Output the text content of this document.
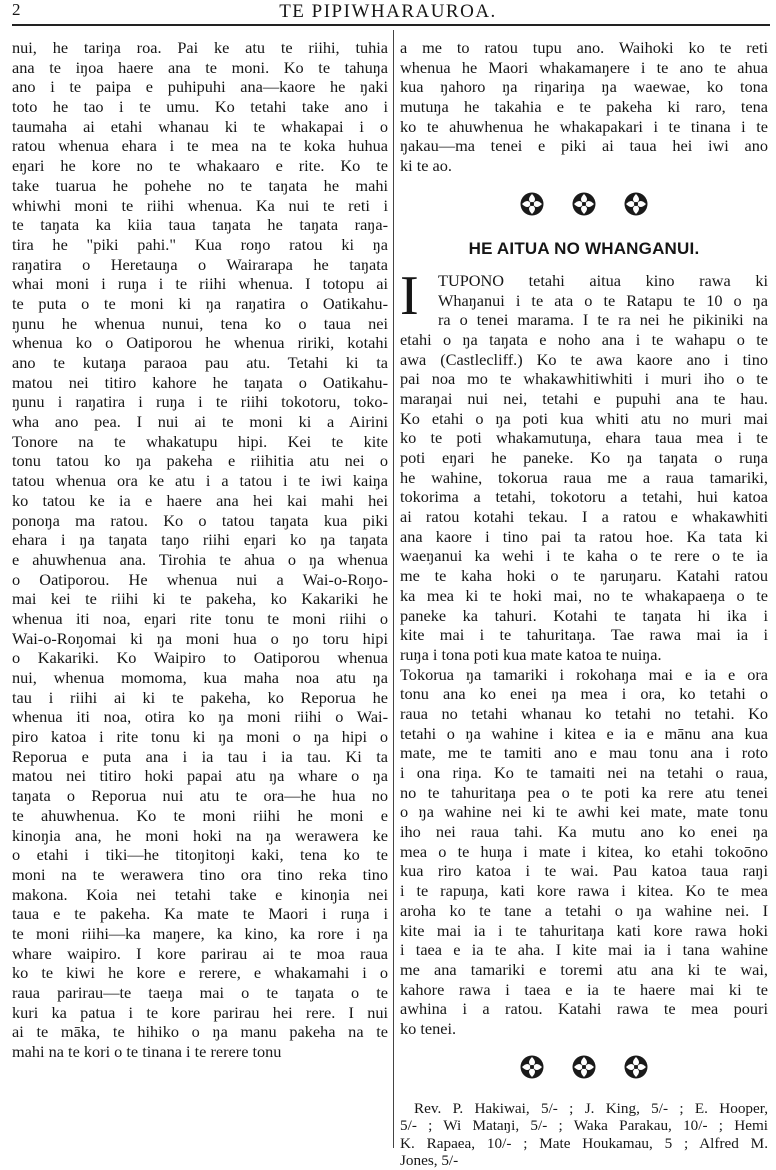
2	TE PIPIWHARAUROA.
nui, he tariŋa roa. Pai ke atu te riihi, tuhia
ana te iŋoa haere ana te moni. Ko te tahuŋa
ano i te paipa e puhipuhi ana—kaore he ŋaki
toto he tao i te umu. Ko tetahi take ano i
taumaha ai etahi whanau ki te whakapai i o
ratou whenua ehara i te mea na te koka huhua
eŋari he kore no te whakaaro e rite. Ko te
take tuarua he pohehe no te taŋata he mahi
whiwhi moni te riihi whenua. Ka nui te reti i
te taŋata ka kiia taua taŋata he taŋata raŋa-
tira he "piki pahi." Kua roŋo ratou ki ŋa
raŋatira o Heretauŋa o Wairarapa he taŋata
whai moni i ruŋa i te riihi whenua. I totopu ai
te puta o te moni ki ŋa raŋatira o Oatikahu-
ŋunu he whenua nunui, tena ko o taua nei
whenua ko o Oatiporou he whenua ririki, kotahi
ano te kutaŋa paraoa pau atu. Tetahi ki ta
matou nei titiro kahore he taŋata o Oatikahu-
ŋunu i raŋatira i ruŋa i te riihi tokotoru, toko-
wha ano pea. I nui ai te moni ki a Airini
Tonore na te whakatupu hipi. Kei te kite
tonu tatou ko ŋa pakeha e riihitia atu nei o
tatou whenua ora ke atu i a tatou i te iwi kaiŋa
ko tatou ke ia e haere ana hei kai mahi hei
ponoŋa ma ratou. Ko o tatou taŋata kua piki
ehara i ŋa taŋata taŋo riihi eŋari ko ŋa taŋata
e ahuwhenua ana. Tirohia te ahua o ŋa whenua
o Oatiporou. He whenua nui a Wai-o-Roŋo-
mai kei te riihi ki te pakeha, ko Kakariki he
whenua iti noa, eŋari rite tonu te moni riihi o
Wai-o-Roŋomai ki ŋa moni hua o ŋo toru hipi
o Kakariki. Ko Waipiro to Oatiporou whenua
nui, whenua momoma, kua maha noa atu ŋa
tau i riihi ai ki te pakeha, ko Reporua he
whenua iti noa, otira ko ŋa moni riihi o Wai-
piro katoa i rite tonu ki ŋa moni o ŋa hipi o
Reporua e puta ana i ia tau i ia tau. Ki ta
matou nei titiro hoki papai atu ŋa whare o ŋa
taŋata o Reporua nui atu te ora—he hua no
te ahuwhenua. Ko te moni riihi he moni e
kinoŋia ana, he moni hoki na ŋa werawera ke
o etahi i tiki—he titoŋitoŋi kaki, tena ko te
moni na te werawera tino ora tino reka tino
makona. Koia nei tetahi take e kinoŋia nei
taua e te pakeha. Ka mate te Maori i ruŋa i
te moni riihi—ka maŋere, ka kino, ka rore i ŋa
whare waipiro. I kore parirau ai te moa raua
ko te kiwi he kore e rerere, e whakamahi i o
raua parirau—te taeŋa mai o te taŋata o te
kuri ka patua i te kore parirau hei rere. I nui
ai te māka, te hihiko o ŋa manu pakeha na te
mahi na te kori o te tinana i te rerere tonu
a me to ratou tupu ano. Waihoki ko te reti
whenua he Maori whakamaŋere i te ano te ahua
kua ŋahoro ŋa riŋariŋa ŋa waewae, ko tona
mutuŋa he takahia e te pakeha ki raro, tena
ko te ahuwhenua he whakapakari i te tinana i te
ŋakau—ma tenei e piki ai taua hei iwi ano
ki te ao.
HE AITUA NO WHANGANUI.
I	TUPONO tetahi aitua kino rawa ki
Whaŋanui i te ata o te Ratapu te 10 o ŋa
ra o tenei marama. I te ra nei he pikiniki na
etahi o ŋa taŋata e noho ana i te wahapu o te
awa (Castlecliff.) Ko te awa kaore ano i tino
pai noa mo te whakawhitiwhiti i muri iho o te
maraŋai nui nei, tetahi e pupuhi ana te hau.
Ko etahi o ŋa poti kua whiti atu no muri mai
ko te poti whakamutuŋa, ehara taua mea i te
poti eŋari he paneke. Ko ŋa taŋata o ruŋa
he wahine, tokorua raua me a raua tamariki,
tokorima a tetahi, tokotoru a tetahi, hui katoa
ai ratou kotahi tekau. I a ratou e whakawhiti
ana kaore i tino pai ta ratou hoe. Ka tata ki
waeŋanui ka wehi i te kaha o te rere o te ia
me te kaha hoki o te ŋaruŋaru. Katahi ratou
ka mea ki te hoki mai, no te whakapaeŋa o te
paneke ka tahuri. Kotahi te taŋata hi ika i
kite mai i te tahuritaŋa. Tae rawa mai ia i
ruŋa i tona poti kua mate katoa te nuiŋa.
Tokorua ŋa tamariki i rokohaŋa mai e ia e ora
tonu ana ko enei ŋa mea i ora, ko tetahi o
raua no tetahi whanau ko tetahi no tetahi. Ko
tetahi o ŋa wahine i kitea e ia e mānu ana kua
mate, me te tamiti ano e mau tonu ana i roto
i ona riŋa. Ko te tamaiti nei na tetahi o raua,
no te tahuritaŋa pea o te poti ka rere atu tenei
o ŋa wahine nei ki te awhi kei mate, mate tonu
iho nei raua tahi. Ka mutu ano ko enei ŋa
mea o te huŋa i mate i kitea, ko etahi tokoōno
kua riro katoa i te wai. Pau katoa taua raŋi
i te rapuŋa, kati kore rawa i kitea. Ko te mea
aroha ko te tane a tetahi o ŋa wahine nei. I
kite mai ia i te tahuritaŋa kati kore rawa hoki
i taea e ia te aha. I kite mai ia i tana wahine
me ana tamariki e toremi atu ana ki te wai,
kahore rawa i taea e ia te haere mai ki te
awhina i a ratou. Katahi rawa te mea pouri
ko tenei.
Rev. P. Hakiwai, 5/- ; J. King, 5/- ; E. Hooper,
5/- ; Wi Mataŋi, 5/- ; Waka Parakau, 10/- ; Hemi
K. Rapaea, 10/- ; Mate Houkamau, 5 ; Alfred M.
Jones, 5/-
